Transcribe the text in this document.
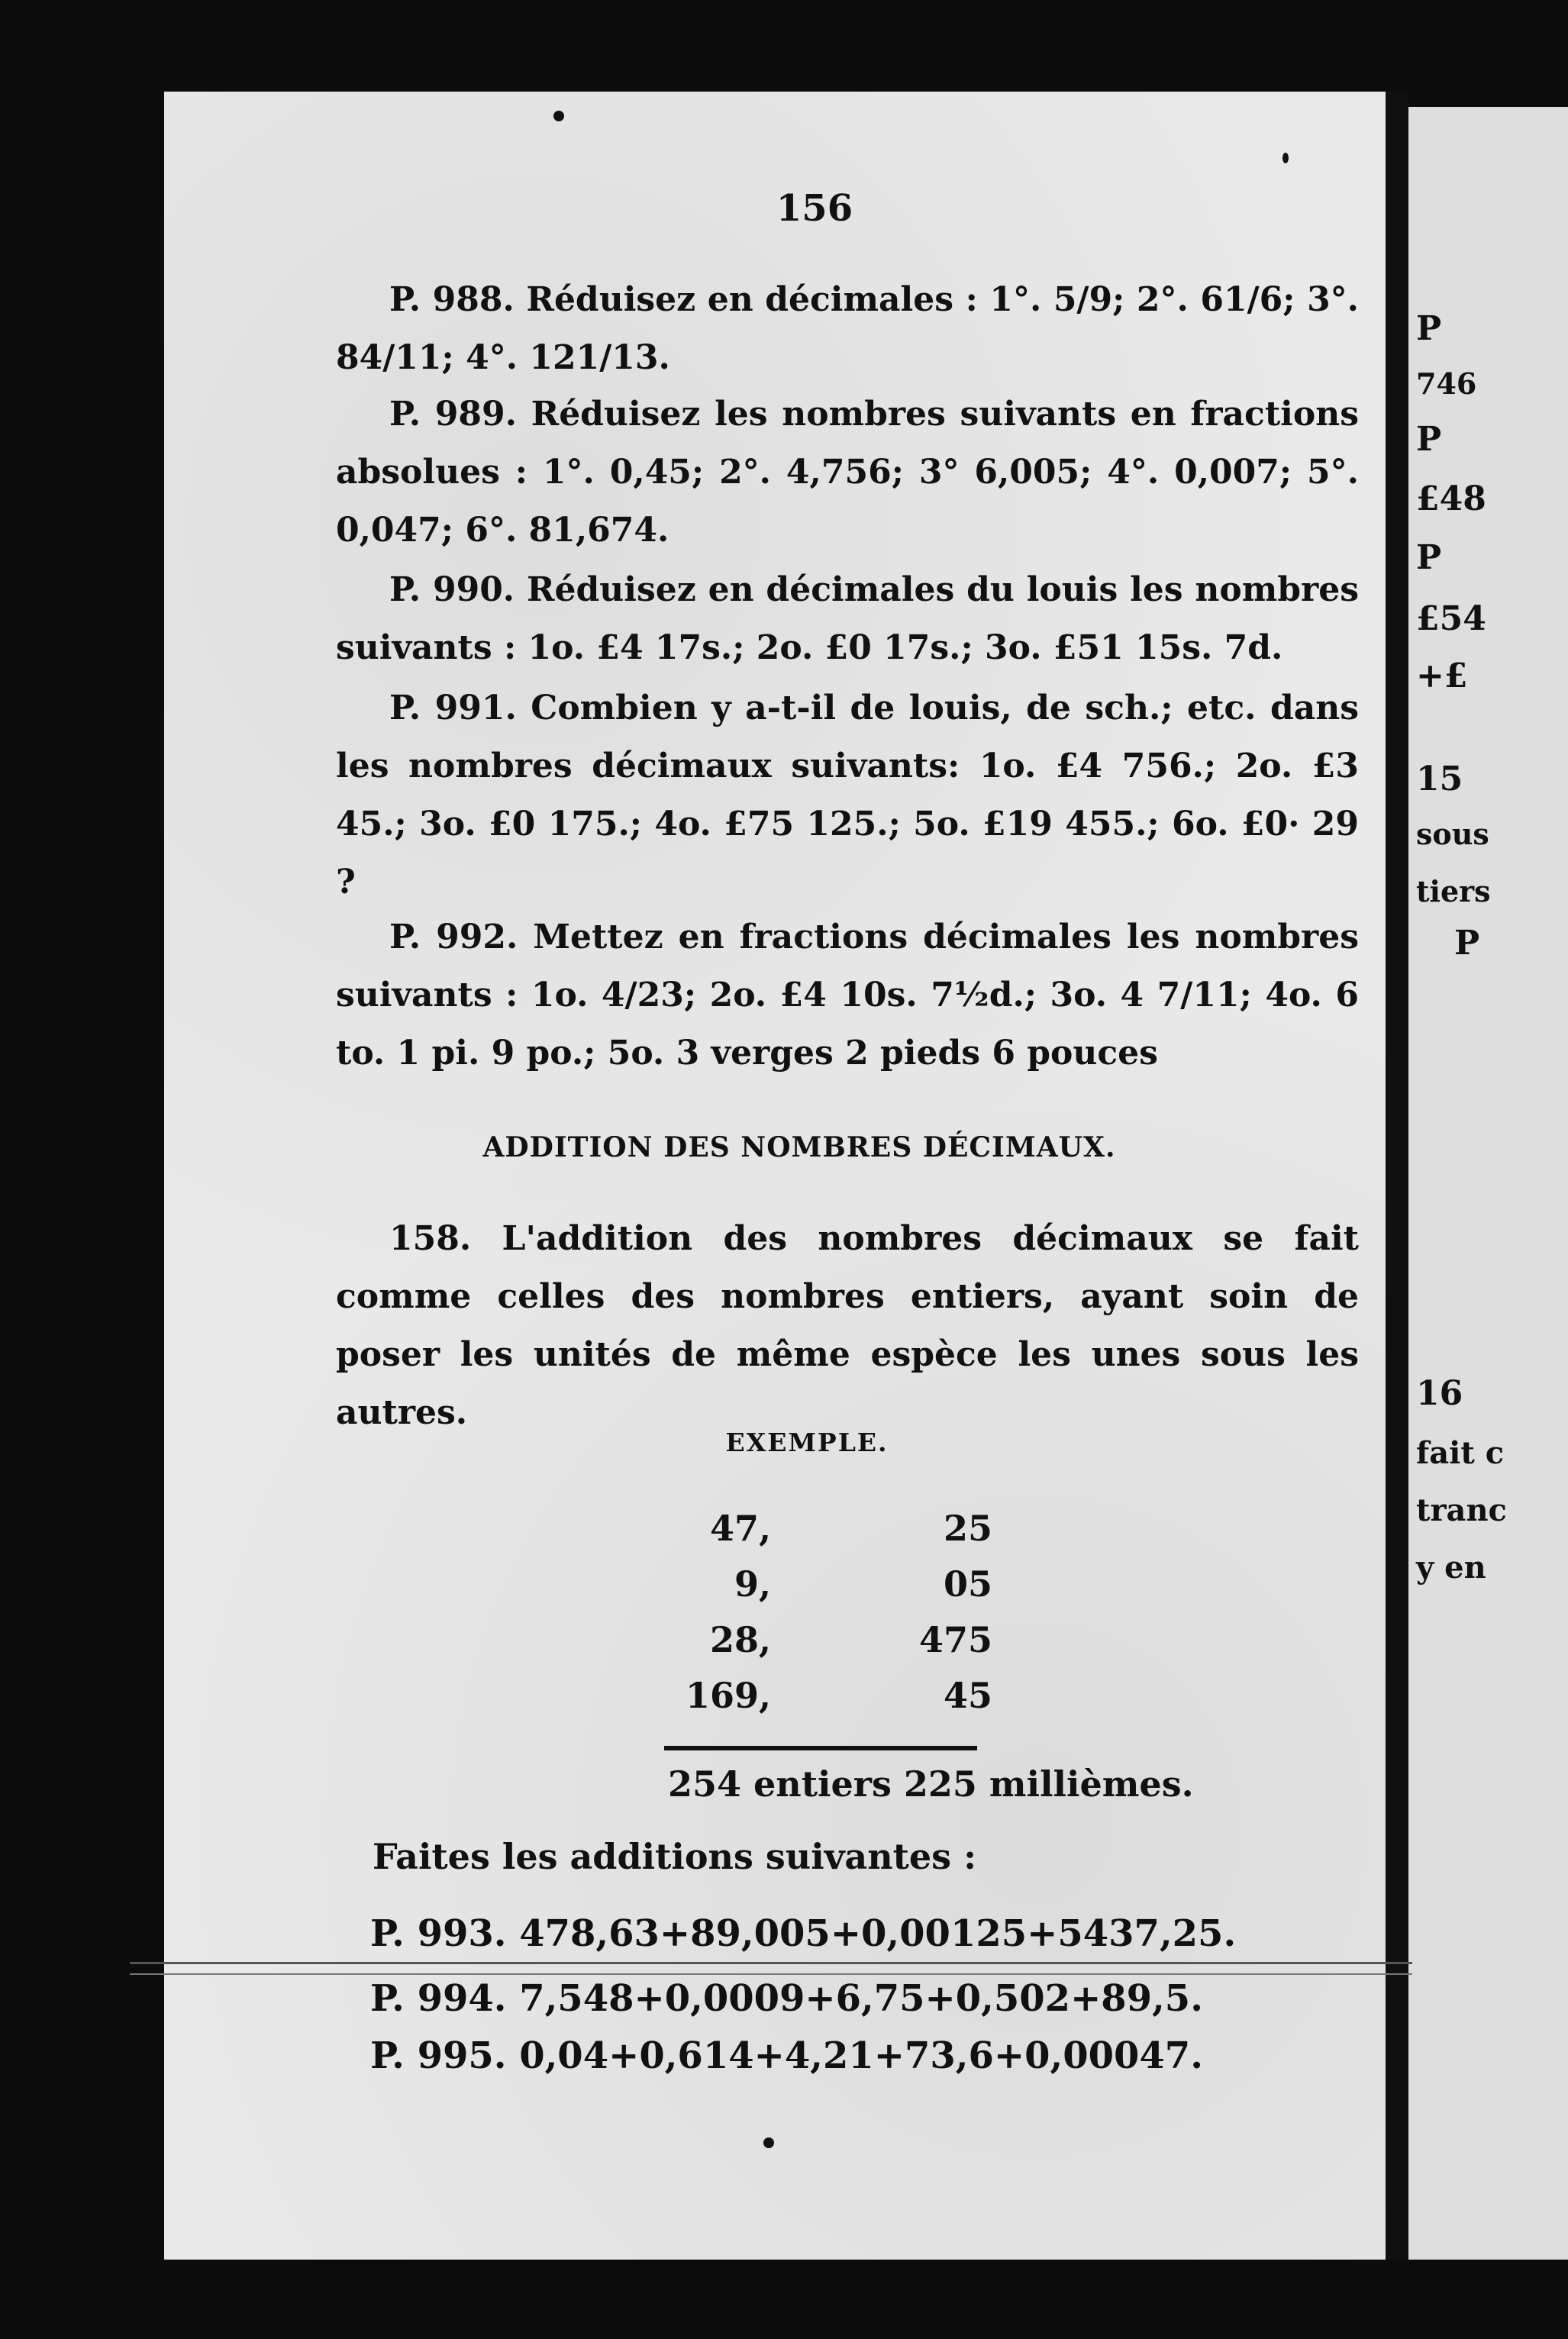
P
746
P
£48
P
£54
+£
15
sous
tiers
P
16
fait c
tranc
y en
156
P. 988. Réduisez en décimales : 1°. 5/9; 2°. 61/6; 3°. 84/11; 4°. 121/13.
P. 989. Réduisez les nombres suivants en fractions absolues : 1°. 0,45; 2°. 4,756; 3° 6,005; 4°. 0,007; 5°. 0,047; 6°. 81,674.
P. 990. Réduisez en décimales du louis les nombres suivants : 1o. £4 17s.; 2o. £0 17s.; 3o. £51 15s. 7d.
P. 991. Combien y a-t-il de louis, de sch.; etc. dans les nombres décimaux suivants: 1o. £4 756.; 2o. £3 45.; 3o. £0 175.; 4o. £75 125.; 5o. £19 455.; 6o. £0· 29 ?
P. 992. Mettez en fractions décimales les nombres suivants : 1o. 4/23; 2o. £4 10s. 7½d.; 3o. 4 7/11; 4o. 6 to. 1 pi. 9 po.; 5o. 3 verges 2 pieds 6 pouces
ADDITION DES NOMBRES DÉCIMAUX.
158. L'addition des nombres décimaux se fait comme celles des nombres entiers, ayant soin de poser les unités de même espèce les unes sous les autres.
EXEMPLE.
47,	25
9,	05
28,	475
169,	45
254 entiers 225 millièmes.
Faites les additions suivantes :
P. 993. 478,63+89,005+0,00125+5437,25.
P. 994. 7,548+0,0009+6,75+0,502+89,5.
P. 995. 0,04+0,614+4,21+73,6+0,00047.
